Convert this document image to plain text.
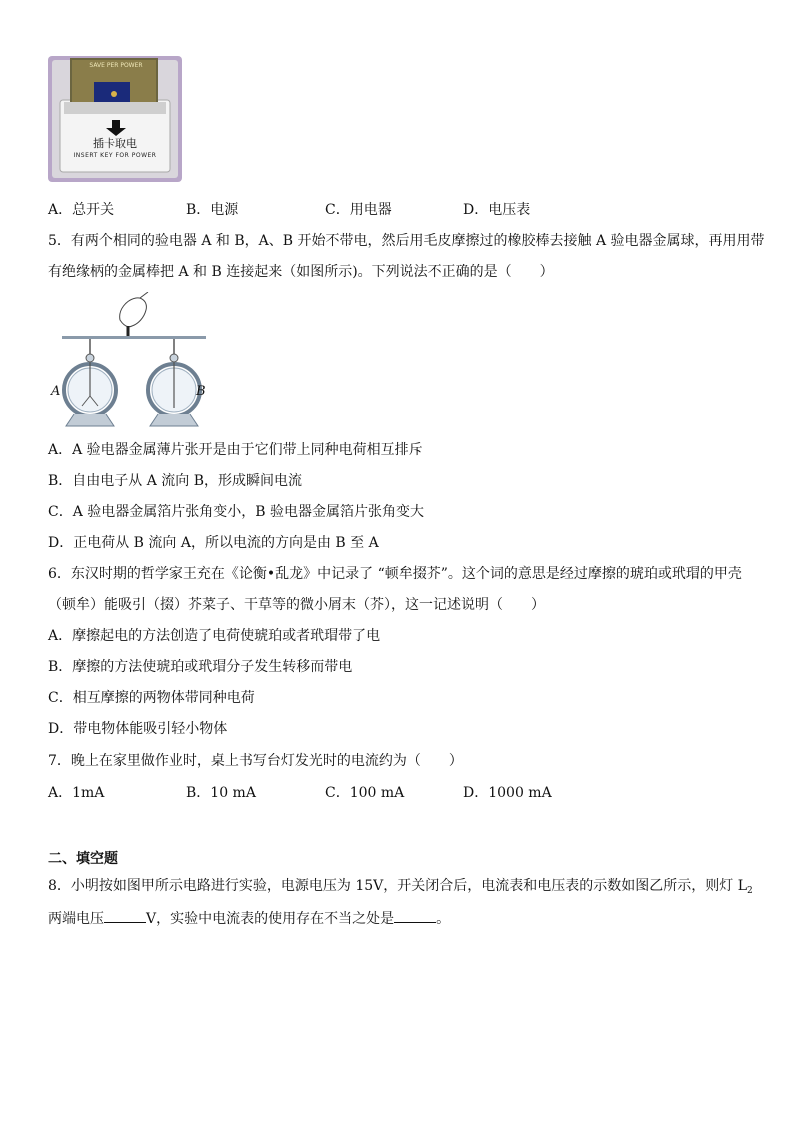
SAVE PER POWER
插卡取电
INSERT KEY FOR POWER
A．总开关	B．电源	C．用电器	D．电压表
5．有两个相同的验电器 A 和 B，A、B 开始不带电，然后用毛皮摩擦过的橡胶棒去接触 A 验电器金属球，再用用带
有绝缘柄的金属棒把 A 和 B 连接起来（如图所示)。下列说法不正确的是（　　）
A	B
A．A 验电器金属薄片张开是由于它们带上同种电荷相互排斥
B．自由电子从 A 流向 B，形成瞬间电流
C．A 验电器金属箔片张角变小，B 验电器金属箔片张角变大
D．正电荷从 B 流向 A，所以电流的方向是由 B 至 A
6．东汉时期的哲学家王充在《论衡•乱龙》中记录了 “顿牟掇芥”。这个词的意思是经过摩擦的琥珀或玳瑁的甲壳
（顿牟）能吸引（掇）芥菜子、干草等的微小屑末（芥），这一记述说明（　　）
A．摩擦起电的方法创造了电荷使琥珀或者玳瑁带了电
B．摩擦的方法使琥珀或玳瑁分子发生转移而带电
C．相互摩擦的两物体带同种电荷
D．带电物体能吸引轻小物体
7．晚上在家里做作业时，桌上书写台灯发光时的电流约为（　　）
A．1mA	B．10 mA	C．100 mA	D．1000 mA
二、填空题
8．小明按如图甲所示电路进行实验，电源电压为 15V，开关闭合后，电流表和电压表的示数如图乙所示，则灯 $L_2$
两端电压	V，实验中电流表的使用存在不当之处是	。
